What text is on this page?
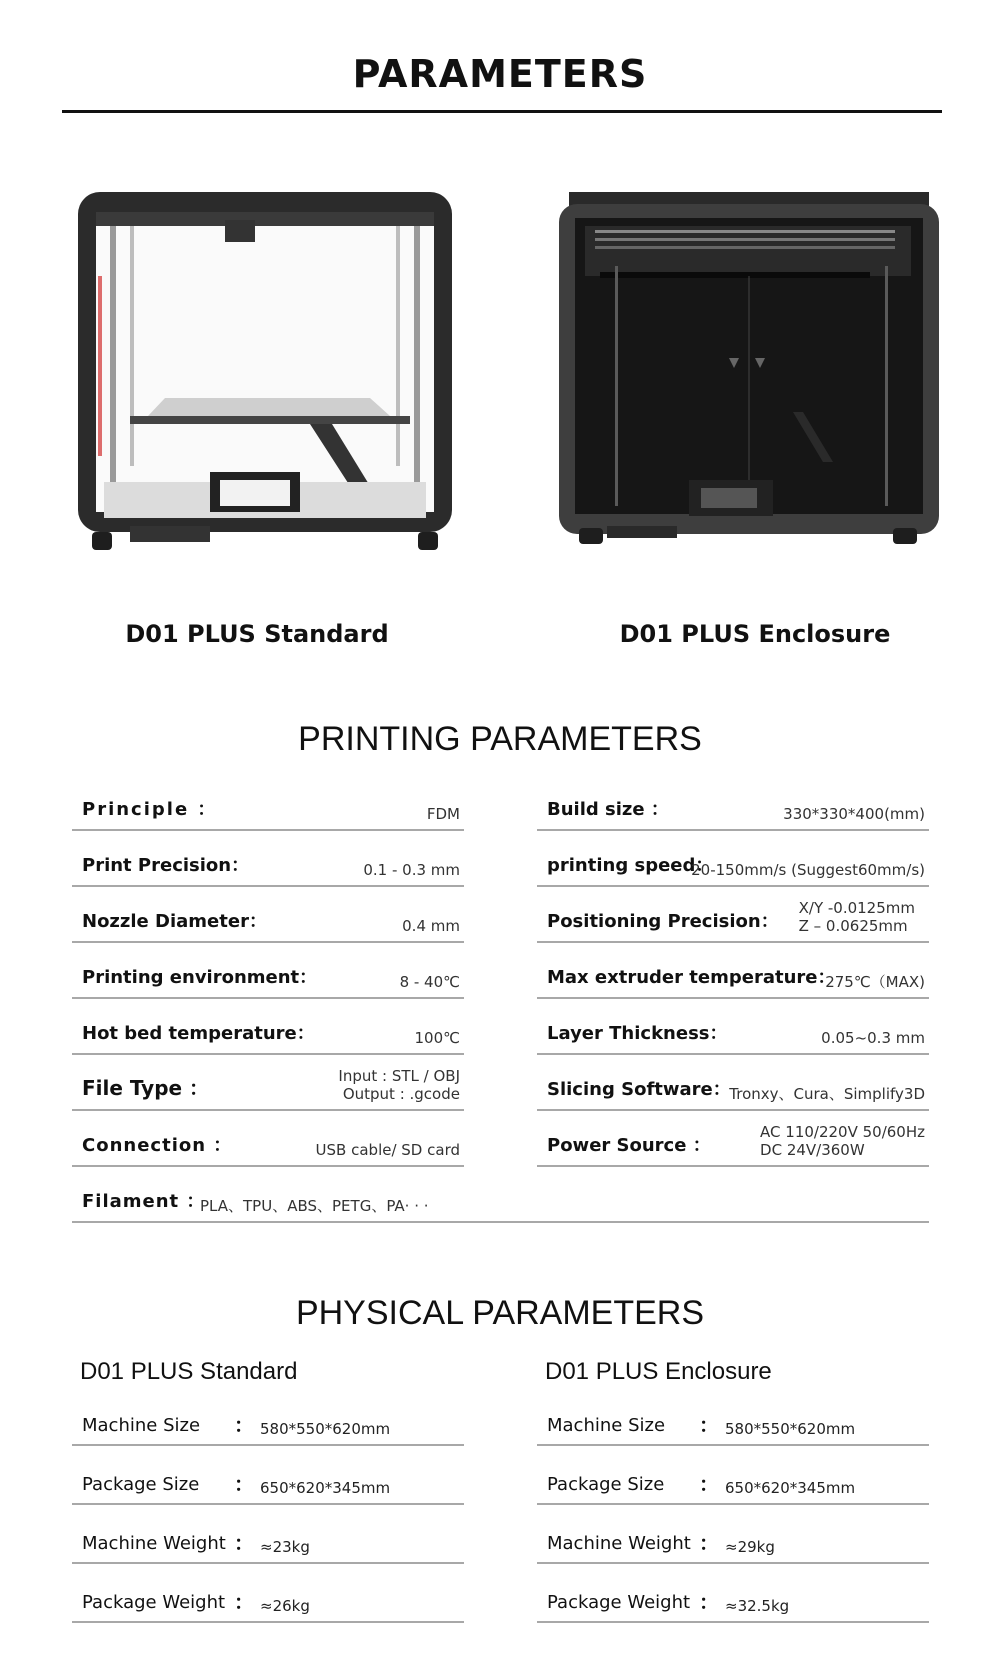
PARAMETERS
D01 PLUS Standard	D01 PLUS Enclosure
PRINTING PARAMETERS
Principle ：	FDM
Print Precision：	0.1 - 0.3 mm
Nozzle Diameter：	0.4 mm
Printing environment：	8 - 40℃
Hot bed temperature：	100℃
File Type ：	Input : STL / OBJ
Output : .gcode
Connection ：	USB cable/ SD card
Build size ：	330*330*400(mm)
printing speed：
20-150mm/s (Suggest60mm/s)
Positioning Precision：
X/Y -0.0125mm
Z – 0.0625mm
Max extruder temperature：
275℃（MAX)
Layer Thickness：	0.05~0.3 mm
Slicing Software：
Tronxy、Cura、Simplify3D
Power Source ：
AC 110/220V 50/60Hz
DC 24V/360W
Filament ：
PLA、TPU、ABS、PETG、PA· · ·
PHYSICAL PARAMETERS
D01 PLUS Standard	D01 PLUS Enclosure
Machine Size ： 580*550*620mm
Package Size ： 650*620*345mm
Machine Weight ： ≈23kg
Package Weight ： ≈26kg
Machine Size ： 580*550*620mm
Package Size ： 650*620*345mm
Machine Weight ： ≈29kg
Package Weight ： ≈32.5kg
